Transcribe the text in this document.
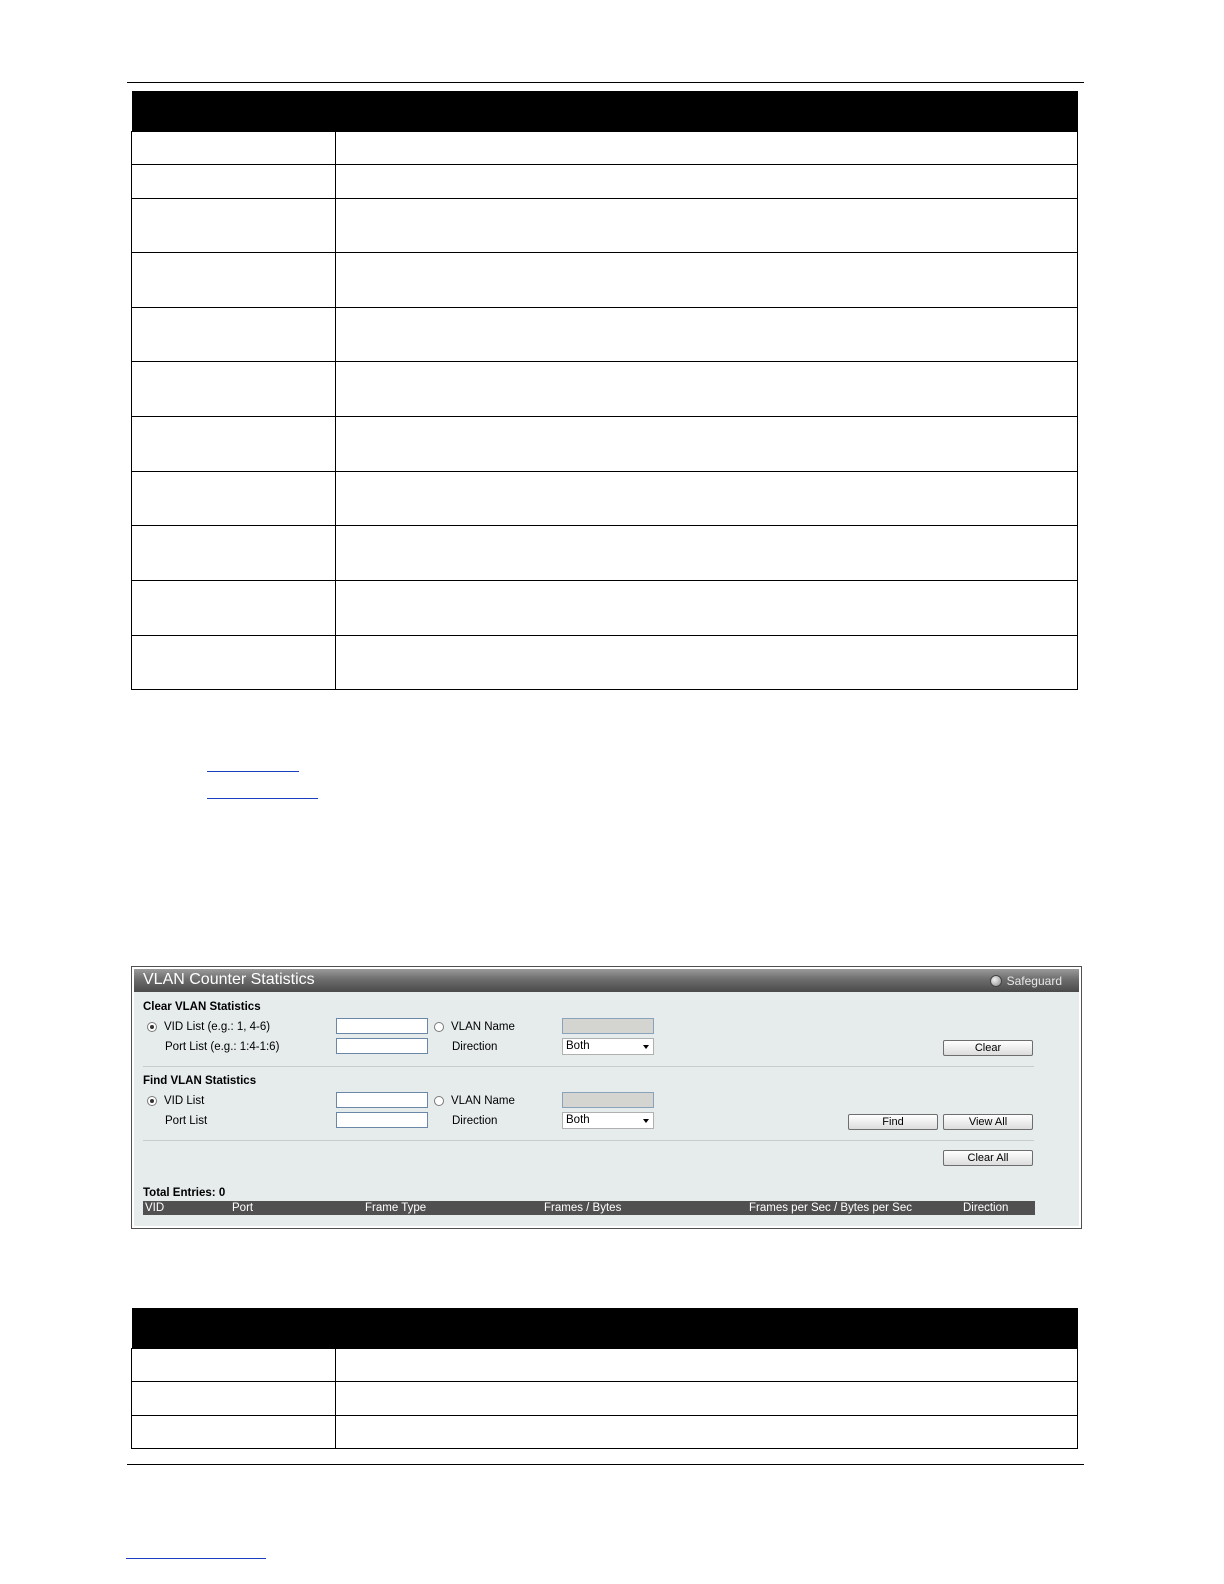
VLAN Counter Statistics	Safeguard
Clear VLAN Statistics
VID List (e.g.: 1, 4-6)	VLAN Name
Port List (e.g.: 1:4-1:6)	Direction	Both	Clear
Find VLAN Statistics
VID List	VLAN Name
Port List	Direction	Both	Find	View All
Clear All
Total Entries: 0
VID	Port	Frame Type	Frames / Bytes	Frames per Sec / Bytes per Sec	Direction
